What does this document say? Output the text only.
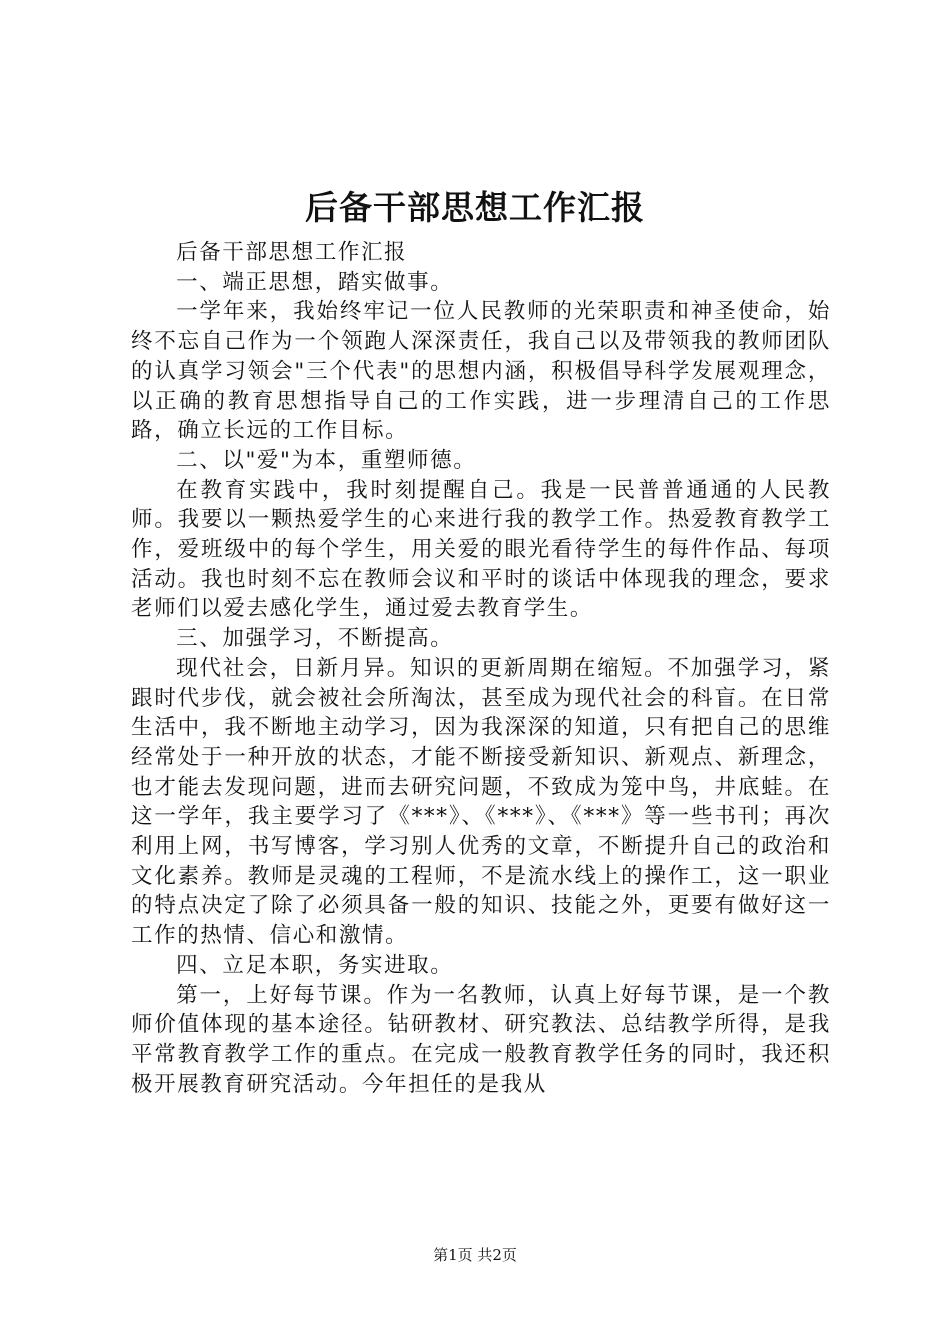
后备干部思想工作汇报

后备干部思想工作汇报

一、端正思想，踏实做事。

一学年来，我始终牢记一位人民教师的光荣职责和神圣使命，始终不忘自己作为一个领跑人深深责任，我自己以及带领我的教师团队的认真学习领会"三个代表"的思想内涵，积极倡导科学发展观理念，以正确的教育思想指导自己的工作实践，进一步理清自己的工作思路，确立长远的工作目标。

二、以"爱"为本，重塑师德。

在教育实践中，我时刻提醒自己。我是一民普普通通的人民教师。我要以一颗热爱学生的心来进行我的教学工作。热爱教育教学工作，爱班级中的每个学生，用关爱的眼光看待学生的每件作品、每项活动。我也时刻不忘在教师会议和平时的谈话中体现我的理念，要求老师们以爱去感化学生，通过爱去教育学生。

三、加强学习，不断提高。

现代社会，日新月异。知识的更新周期在缩短。不加强学习，紧跟时代步伐，就会被社会所淘汰，甚至成为现代社会的科盲。在日常生活中，我不断地主动学习，因为我深深的知道，只有把自己的思维经常处于一种开放的状态，才能不断接受新知识、新观点、新理念，也才能去发现问题，进而去研究问题，不致成为笼中鸟，井底蛙。在这一学年，我主要学习了《***》、《***》、《***》等一些书刊；再次利用上网，书写博客，学习别人优秀的文章，不断提升自己的政治和文化素养。教师是灵魂的工程师，不是流水线上的操作工，这一职业的特点决定了除了必须具备一般的知识、技能之外，更要有做好这一工作的热情、信心和激情。

四、立足本职，务实进取。

第一，上好每节课。作为一名教师，认真上好每节课，是一个教师价值体现的基本途径。钻研教材、研究教法、总结教学所得，是我平常教育教学工作的重点。在完成一般教育教学任务的同时，我还积极开展教育研究活动。今年担任的是我从

第1页 共2页
